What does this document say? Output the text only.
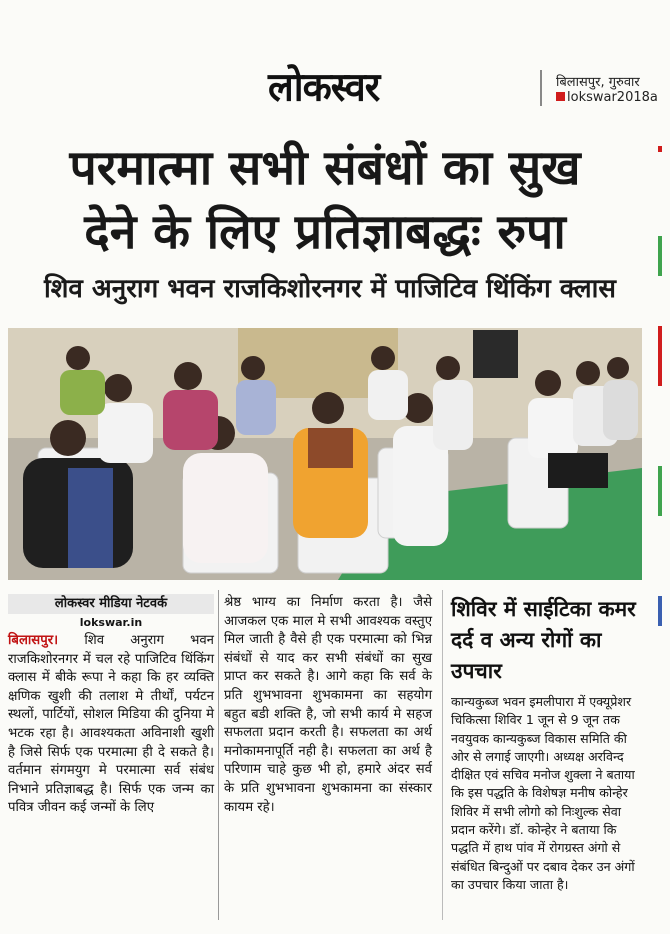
लोकस्वर	बिलासपुर, गुरुवार
lokswar2018a
परमात्मा सभी संबंधों का सुख
देने के लिए प्रतिज्ञाबद्धः रुपा
शिव अनुराग भवन राजकिशोरनगर में पाजिटिव थिंकिंग क्लास
लोकस्वर मीडिया नेटवर्क
lokswar.in
बिलासपुर। शिव अनुराग भवन राजकिशोरनगर में चल रहे पाजिटिव थिंकिंग क्लास में बीके रूपा ने कहा कि हर व्यक्ति क्षणिक खुशी की तलाश मे तीर्थों, पर्यटन स्थलों, पार्टियों, सोशल मिडिया की दुनिया मे भटक रहा है। आवश्यकता अविनाशी खुशी है जिसे सिर्फ एक परमात्मा ही दे सकते है। वर्तमान संगमयुग मे परमात्मा सर्व संबंध निभाने प्रतिज्ञाबद्ध है। सिर्फ एक जन्म का पवित्र जीवन कई जन्मों के लिए
श्रेष्ठ भाग्य का निर्माण करता है। जैसे आजकल एक माल मे सभी आवश्यक वस्तुए मिल जाती है वैसे ही एक परमात्मा को भिन्न संबंधों से याद कर सभी संबंधों का सुख प्राप्त कर सकते है। आगे कहा कि सर्व के प्रति शुभभावना शुभकामना का सहयोग बहुत बडी शक्ति है, जो सभी कार्य मे सहज सफलता प्रदान करती है। सफलता का अर्थ मनोकामनापूर्ति नही है। सफलता का अर्थ है परिणाम चाहे कुछ भी हो, हमारे अंदर सर्व के प्रति शुभभावना शुभकामना का संस्कार कायम रहे।
शिविर में साईटिका कमर दर्द व अन्य रोगों का उपचार
कान्यकुब्ज भवन इमलीपारा में एक्यूप्रेशर चिकित्सा शिविर 1 जून से 9 जून तक नवयुवक कान्यकुब्ज विकास समिति की ओर से लगाई जाएगी। अध्यक्ष अरविन्द दीक्षित एवं सचिव मनोज शुक्ला ने बताया कि इस पद्धति के विशेषज्ञ मनीष कोन्हेर शिविर में सभी लोगो को निःशुल्क सेवा प्रदान करेंगे। डॉ. कोन्हेर ने बताया कि पद्धति में हाथ पांव में रोगग्रस्त अंगो से संबंधित बिन्दुओं पर दबाव देकर उन अंगों का उपचार किया जाता है।
